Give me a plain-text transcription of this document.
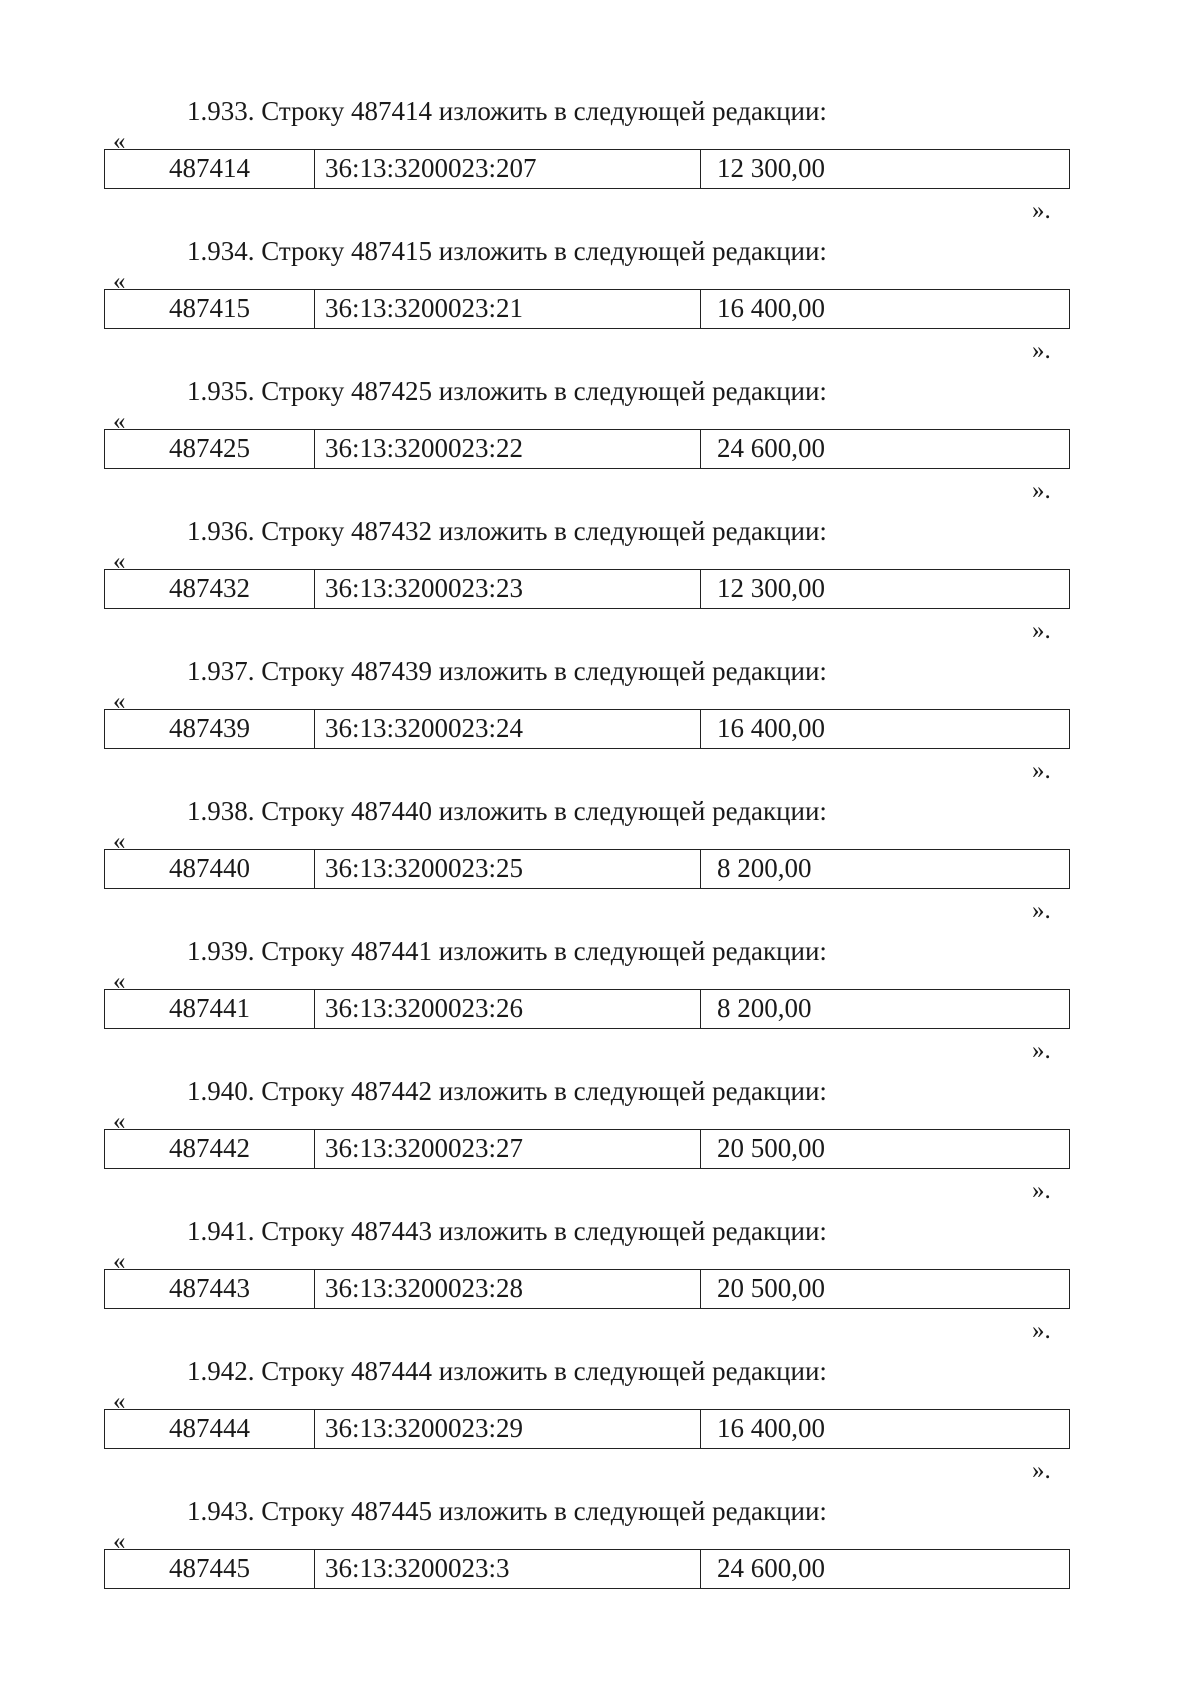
1.933. Строку 487414 изложить в следующей редакции:
«
487414	36:13:3200023:207	12 300,00
».
1.934. Строку 487415 изложить в следующей редакции:
«
487415	36:13:3200023:21	16 400,00
».
1.935. Строку 487425 изложить в следующей редакции:
«
487425	36:13:3200023:22	24 600,00
».
1.936. Строку 487432 изложить в следующей редакции:
«
487432	36:13:3200023:23	12 300,00
».
1.937. Строку 487439 изложить в следующей редакции:
«
487439	36:13:3200023:24	16 400,00
».
1.938. Строку 487440 изложить в следующей редакции:
«
487440	36:13:3200023:25	8 200,00
».
1.939. Строку 487441 изложить в следующей редакции:
«
487441	36:13:3200023:26	8 200,00
».
1.940. Строку 487442 изложить в следующей редакции:
«
487442	36:13:3200023:27	20 500,00
».
1.941. Строку 487443 изложить в следующей редакции:
«
487443	36:13:3200023:28	20 500,00
».
1.942. Строку 487444 изложить в следующей редакции:
«
487444	36:13:3200023:29	16 400,00
».
1.943. Строку 487445 изложить в следующей редакции:
«
487445	36:13:3200023:3	24 600,00
